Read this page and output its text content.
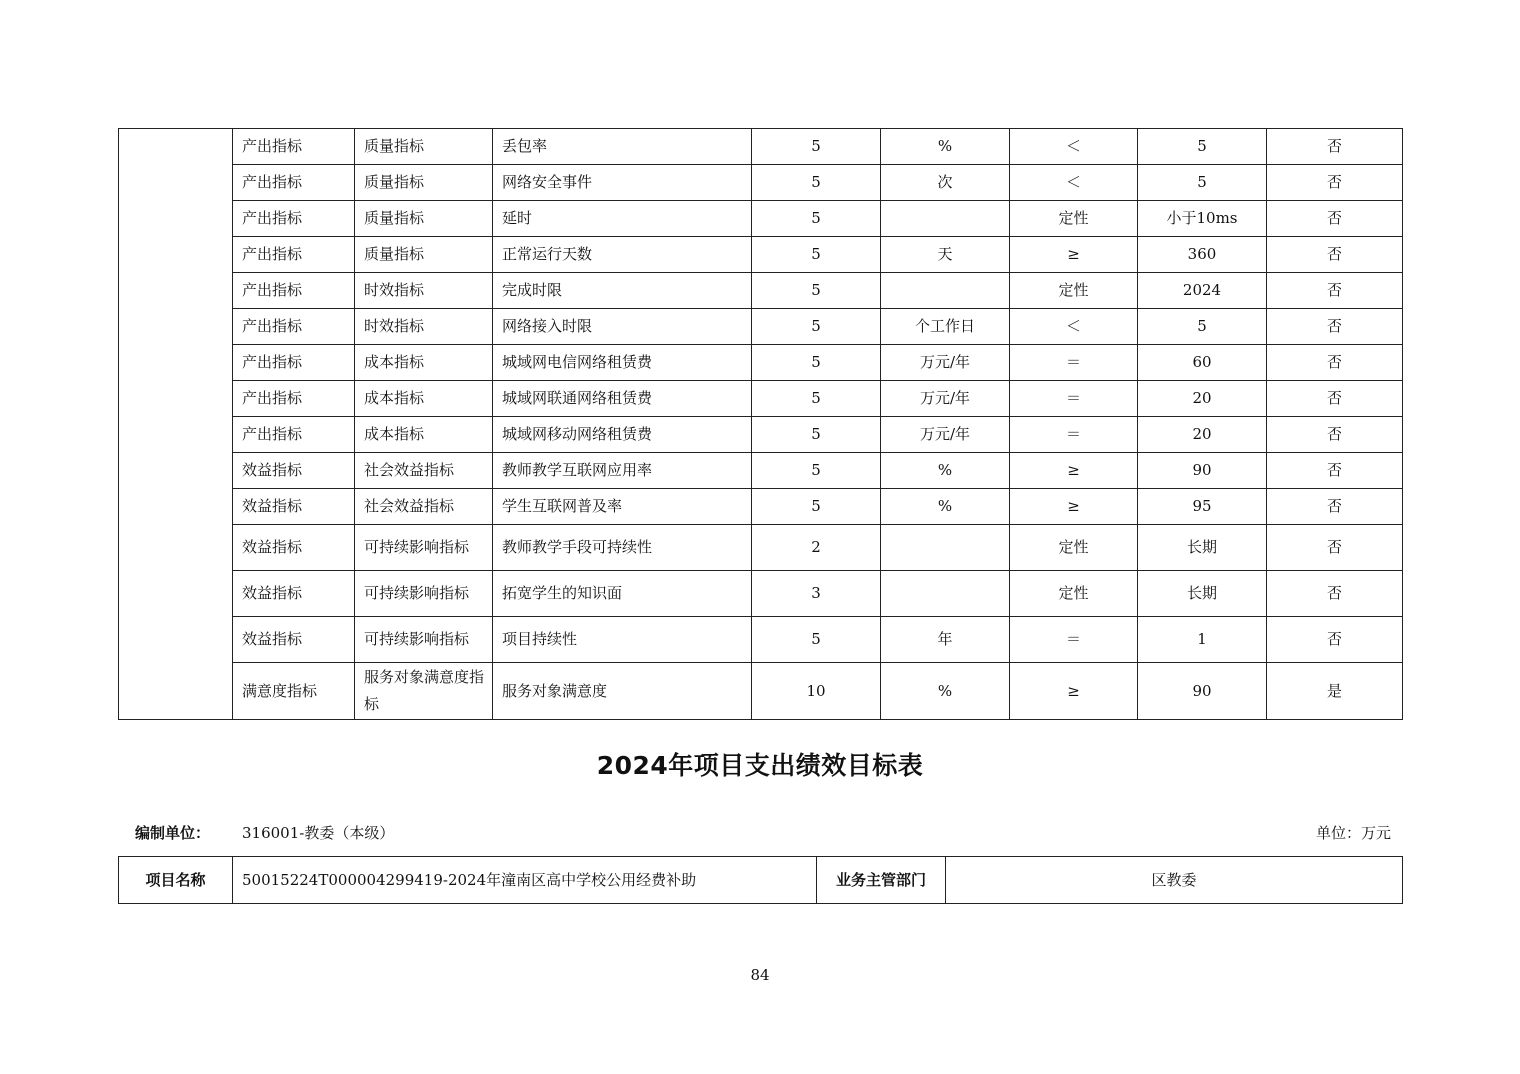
	产出指标	质量指标	丢包率	5	%	＜	5	否
	产出指标	质量指标	网络安全事件	5	次	＜	5	否
	产出指标	质量指标	延时	5		定性	小于10ms	否
	产出指标	质量指标	正常运行天数	5	天	≥	360	否
	产出指标	时效指标	完成时限	5		定性	2024	否
	产出指标	时效指标	网络接入时限	5	个工作日	＜	5	否
	产出指标	成本指标	城域网电信网络租赁费	5	万元/年	＝	60	否
	产出指标	成本指标	城域网联通网络租赁费	5	万元/年	＝	20	否
	产出指标	成本指标	城域网移动网络租赁费	5	万元/年	＝	20	否
	效益指标	社会效益指标	教师教学互联网应用率	5	%	≥	90	否
	效益指标	社会效益指标	学生互联网普及率	5	%	≥	95	否
	效益指标	可持续影响指标	教师教学手段可持续性	2		定性	长期	否
	效益指标	可持续影响指标	拓宽学生的知识面	3		定性	长期	否
	效益指标	可持续影响指标	项目持续性	5	年	＝	1	否
	满意度指标	服务对象满意度指标	服务对象满意度	10	%	≥	90	是
2024年项目支出绩效目标表
编制单位： 316001-教委（本级）	单位：万元
项目名称	50015224T000004299419-2024年潼南区高中学校公用经费补助	业务主管部门	区教委
84
